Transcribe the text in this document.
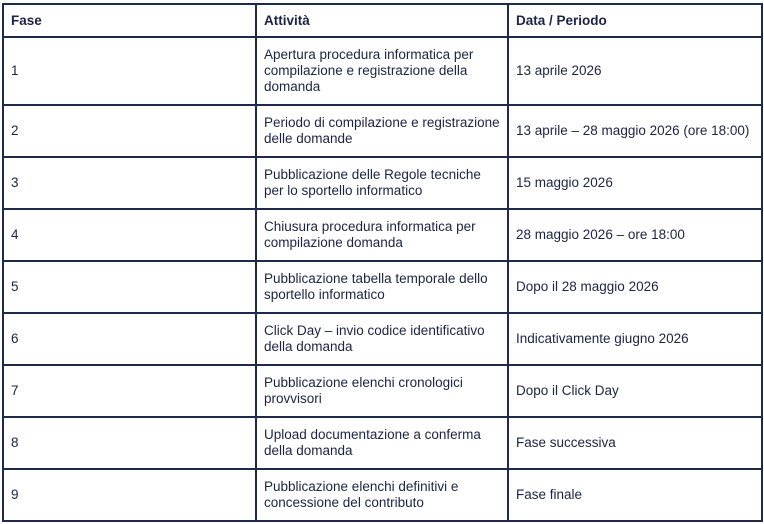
Fase	Attività	Data / Periodo
1	Apertura procedura informatica per compilazione e registrazione della domanda	13 aprile 2026
2	Periodo di compilazione e registrazione delle domande	13 aprile – 28 maggio 2026 (ore 18:00)
3	Pubblicazione delle Regole tecniche per lo sportello informatico	15 maggio 2026
4	Chiusura procedura informatica per compilazione domanda	28 maggio 2026 – ore 18:00
5	Pubblicazione tabella temporale dello sportello informatico	Dopo il 28 maggio 2026
6	Click Day – invio codice identificativo della domanda	Indicativamente giugno 2026
7	Pubblicazione elenchi cronologici provvisori	Dopo il Click Day
8	Upload documentazione a conferma della domanda	Fase successiva
9	Pubblicazione elenchi definitivi e concessione del contributo	Fase finale
